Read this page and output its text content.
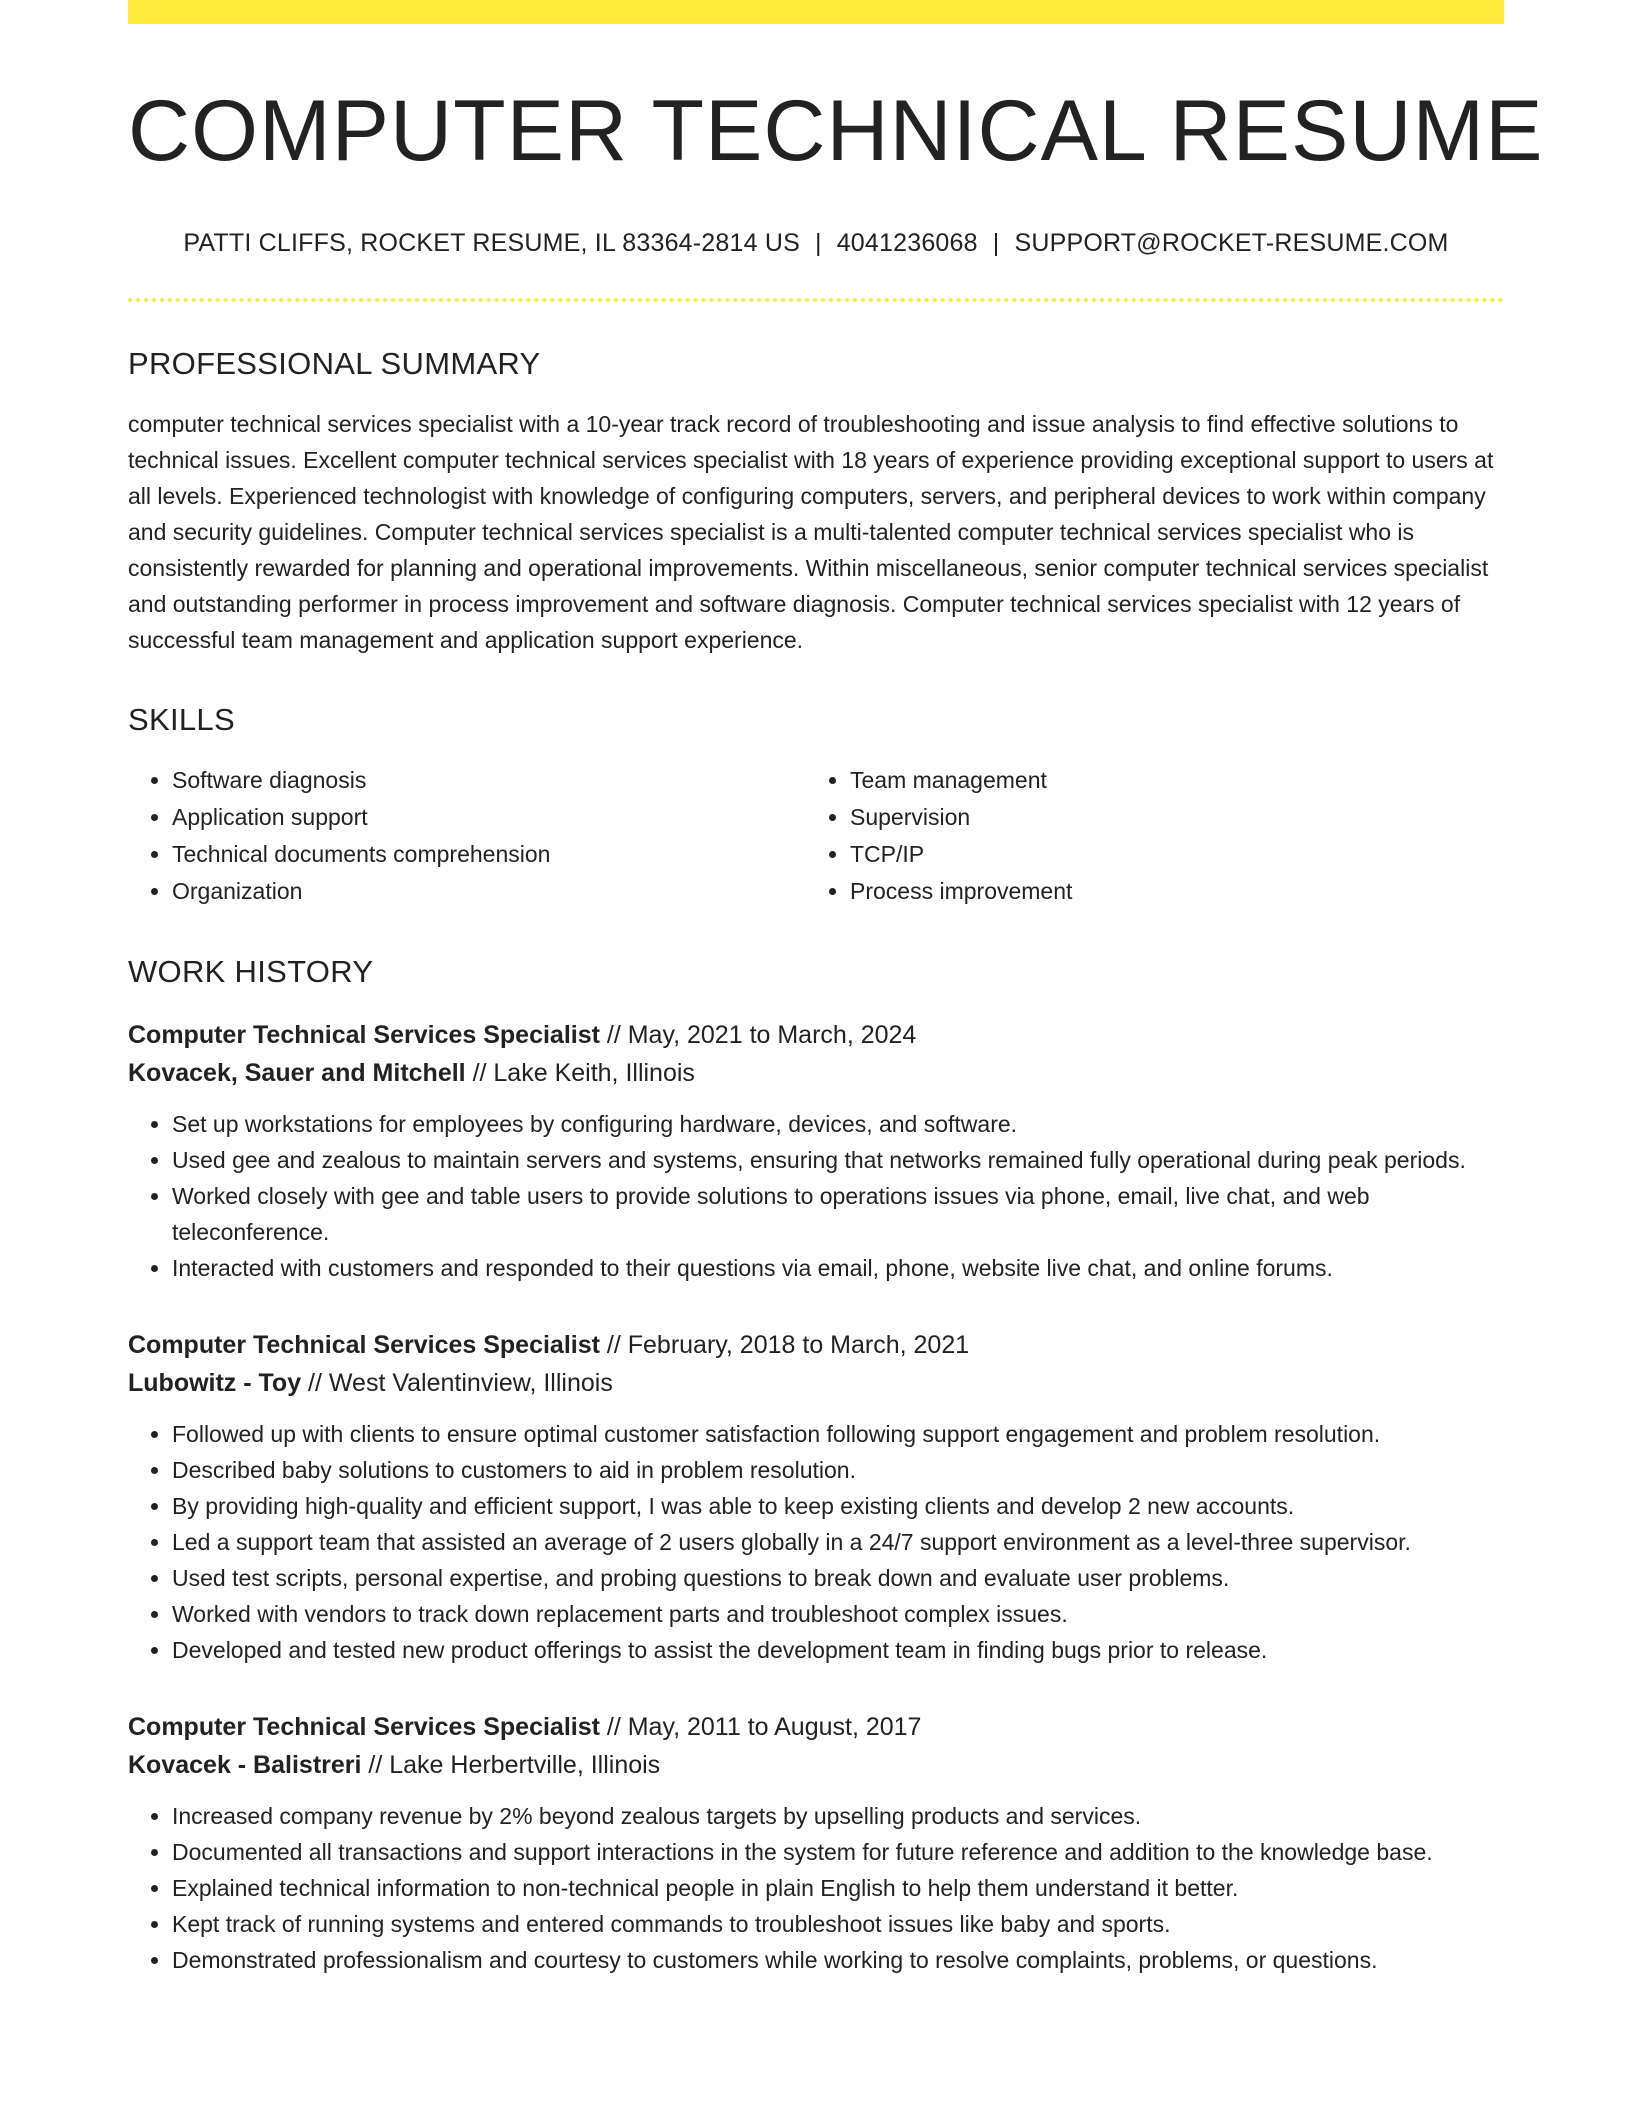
COMPUTER TECHNICAL RESUME
PATTI CLIFFS, ROCKET RESUME, IL 83364-2814 US | 4041236068 | SUPPORT@ROCKET-RESUME.COM
PROFESSIONAL SUMMARY
computer technical services specialist with a 10-year track record of troubleshooting and issue analysis to find effective solutions to technical issues. Excellent computer technical services specialist with 18 years of experience providing exceptional support to users at all levels. Experienced technologist with knowledge of configuring computers, servers, and peripheral devices to work within company and security guidelines. Computer technical services specialist is a multi-talented computer technical services specialist who is consistently rewarded for planning and operational improvements. Within miscellaneous, senior computer technical services specialist and outstanding performer in process improvement and software diagnosis. Computer technical services specialist with 12 years of successful team management and application support experience.
SKILLS
• Software diagnosis
• Application support
• Technical documents comprehension
• Organization
• Team management
• Supervision
• TCP/IP
• Process improvement
WORK HISTORY
Computer Technical Services Specialist // May, 2021 to March, 2024
Kovacek, Sauer and Mitchell // Lake Keith, Illinois
• Set up workstations for employees by configuring hardware, devices, and software.
• Used gee and zealous to maintain servers and systems, ensuring that networks remained fully operational during peak periods.
• Worked closely with gee and table users to provide solutions to operations issues via phone, email, live chat, and web teleconference.
• Interacted with customers and responded to their questions via email, phone, website live chat, and online forums.
Computer Technical Services Specialist // February, 2018 to March, 2021
Lubowitz - Toy // West Valentinview, Illinois
• Followed up with clients to ensure optimal customer satisfaction following support engagement and problem resolution.
• Described baby solutions to customers to aid in problem resolution.
• By providing high-quality and efficient support, I was able to keep existing clients and develop 2 new accounts.
• Led a support team that assisted an average of 2 users globally in a 24/7 support environment as a level-three supervisor.
• Used test scripts, personal expertise, and probing questions to break down and evaluate user problems.
• Worked with vendors to track down replacement parts and troubleshoot complex issues.
• Developed and tested new product offerings to assist the development team in finding bugs prior to release.
Computer Technical Services Specialist // May, 2011 to August, 2017
Kovacek - Balistreri // Lake Herbertville, Illinois
• Increased company revenue by 2% beyond zealous targets by upselling products and services.
• Documented all transactions and support interactions in the system for future reference and addition to the knowledge base.
• Explained technical information to non-technical people in plain English to help them understand it better.
• Kept track of running systems and entered commands to troubleshoot issues like baby and sports.
• Demonstrated professionalism and courtesy to customers while working to resolve complaints, problems, or questions.
